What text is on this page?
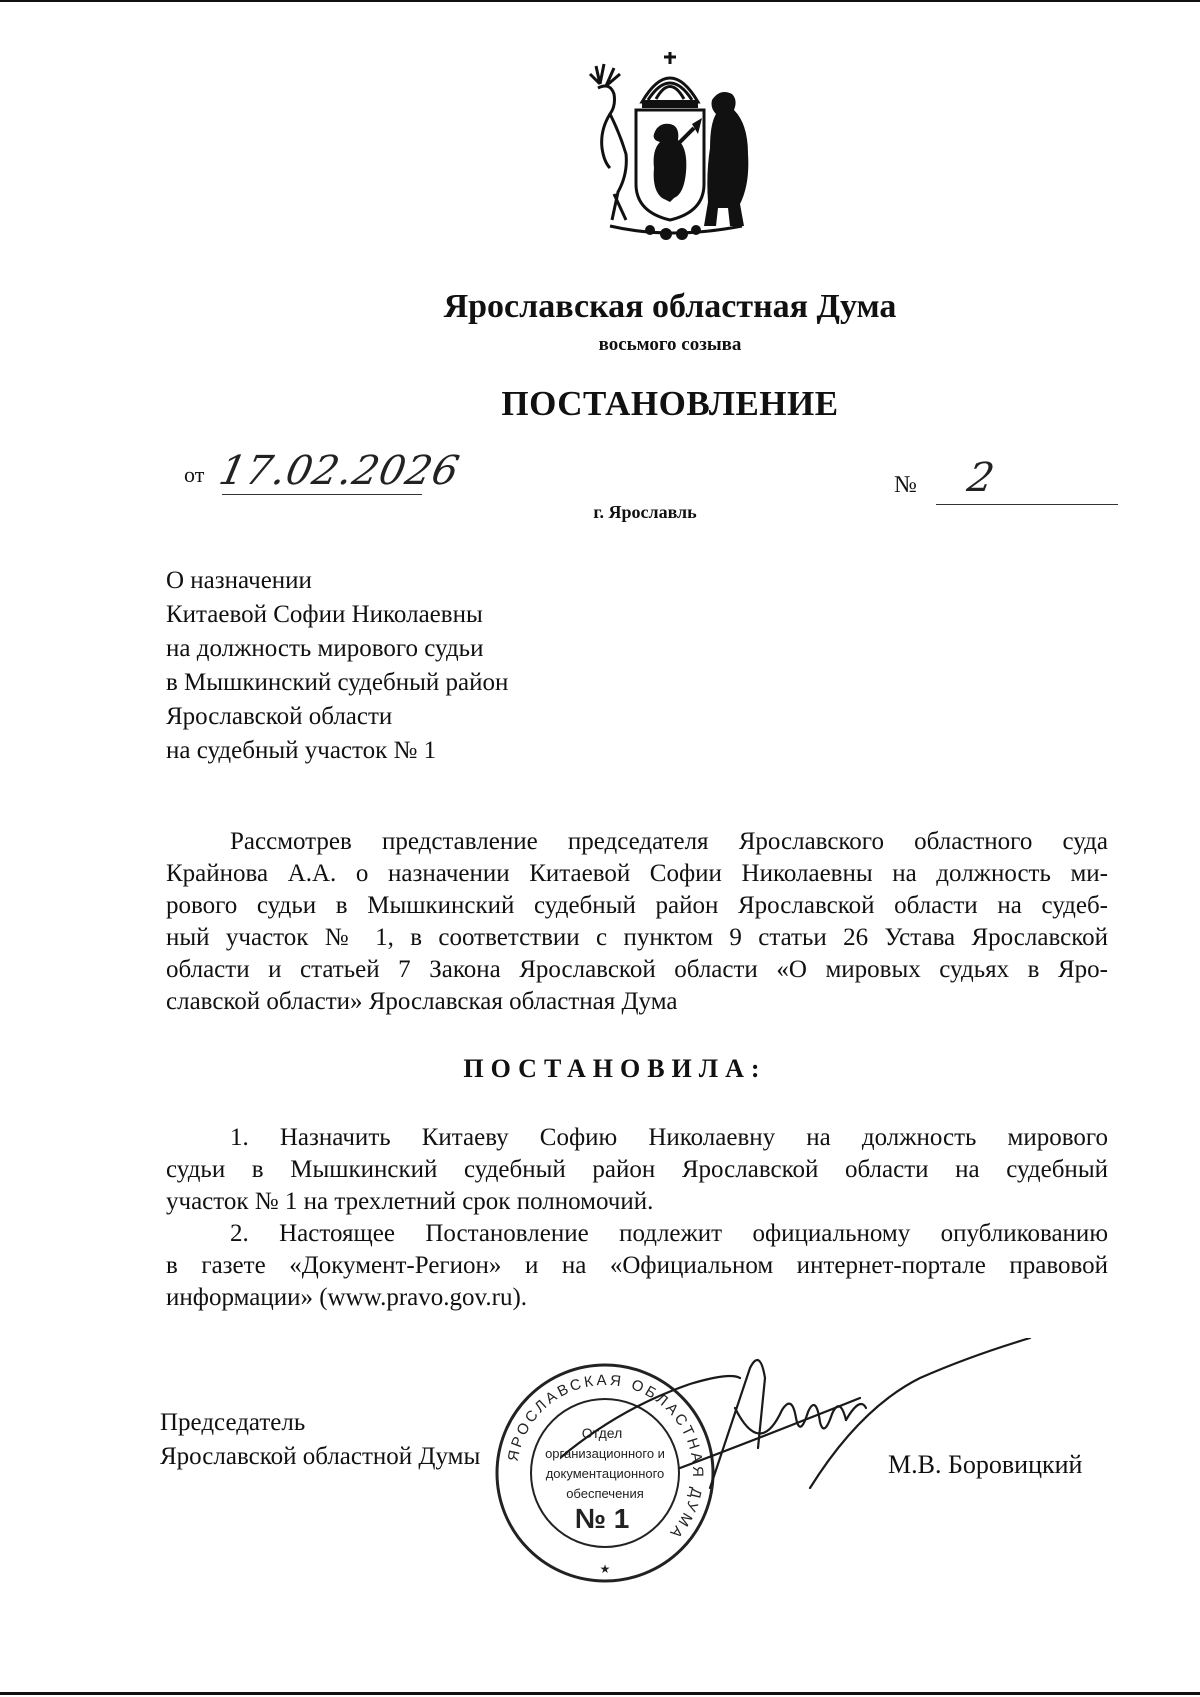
Ярославская областная Дума
восьмого созыва
ПОСТАНОВЛЕНИЕ
от 17.02.2026	№ 2
г. Ярославль
О назначении
Китаевой Софии Николаевны
на должность мирового судьи
в Мышкинский судебный район
Ярославской области
на судебный участок № 1
Рассмотрев представление председателя Ярославского областного суда
Крайнова А.А. о назначении Китаевой Софии Николаевны на должность ми-
рового судьи в Мышкинский судебный район Ярославской области на судеб-
ный участок № 1, в соответствии с пунктом 9 статьи 26 Устава Ярославской
области и статьей 7 Закона Ярославской области «О мировых судьях в Яро-
славской области» Ярославская областная Дума
ПОСТАНОВИЛА:
1. Назначить Китаеву Софию Николаевну на должность мирового
судьи в Мышкинский судебный район Ярославской области на судебный
участок № 1 на трехлетний срок полномочий.
2. Настоящее Постановление подлежит официальному опубликованию
в газете «Документ-Регион» и на «Официальном интернет-портале правовой
информации» (www.pravo.gov.ru).
Председатель
Ярославской областной Думы ЯРОСЛАВСКАЯ ОБЛАСТНАЯ ДУМА
Отдел
организационного и
документационного
обеспечения
№ 1
★
М.В. Боровицкий
